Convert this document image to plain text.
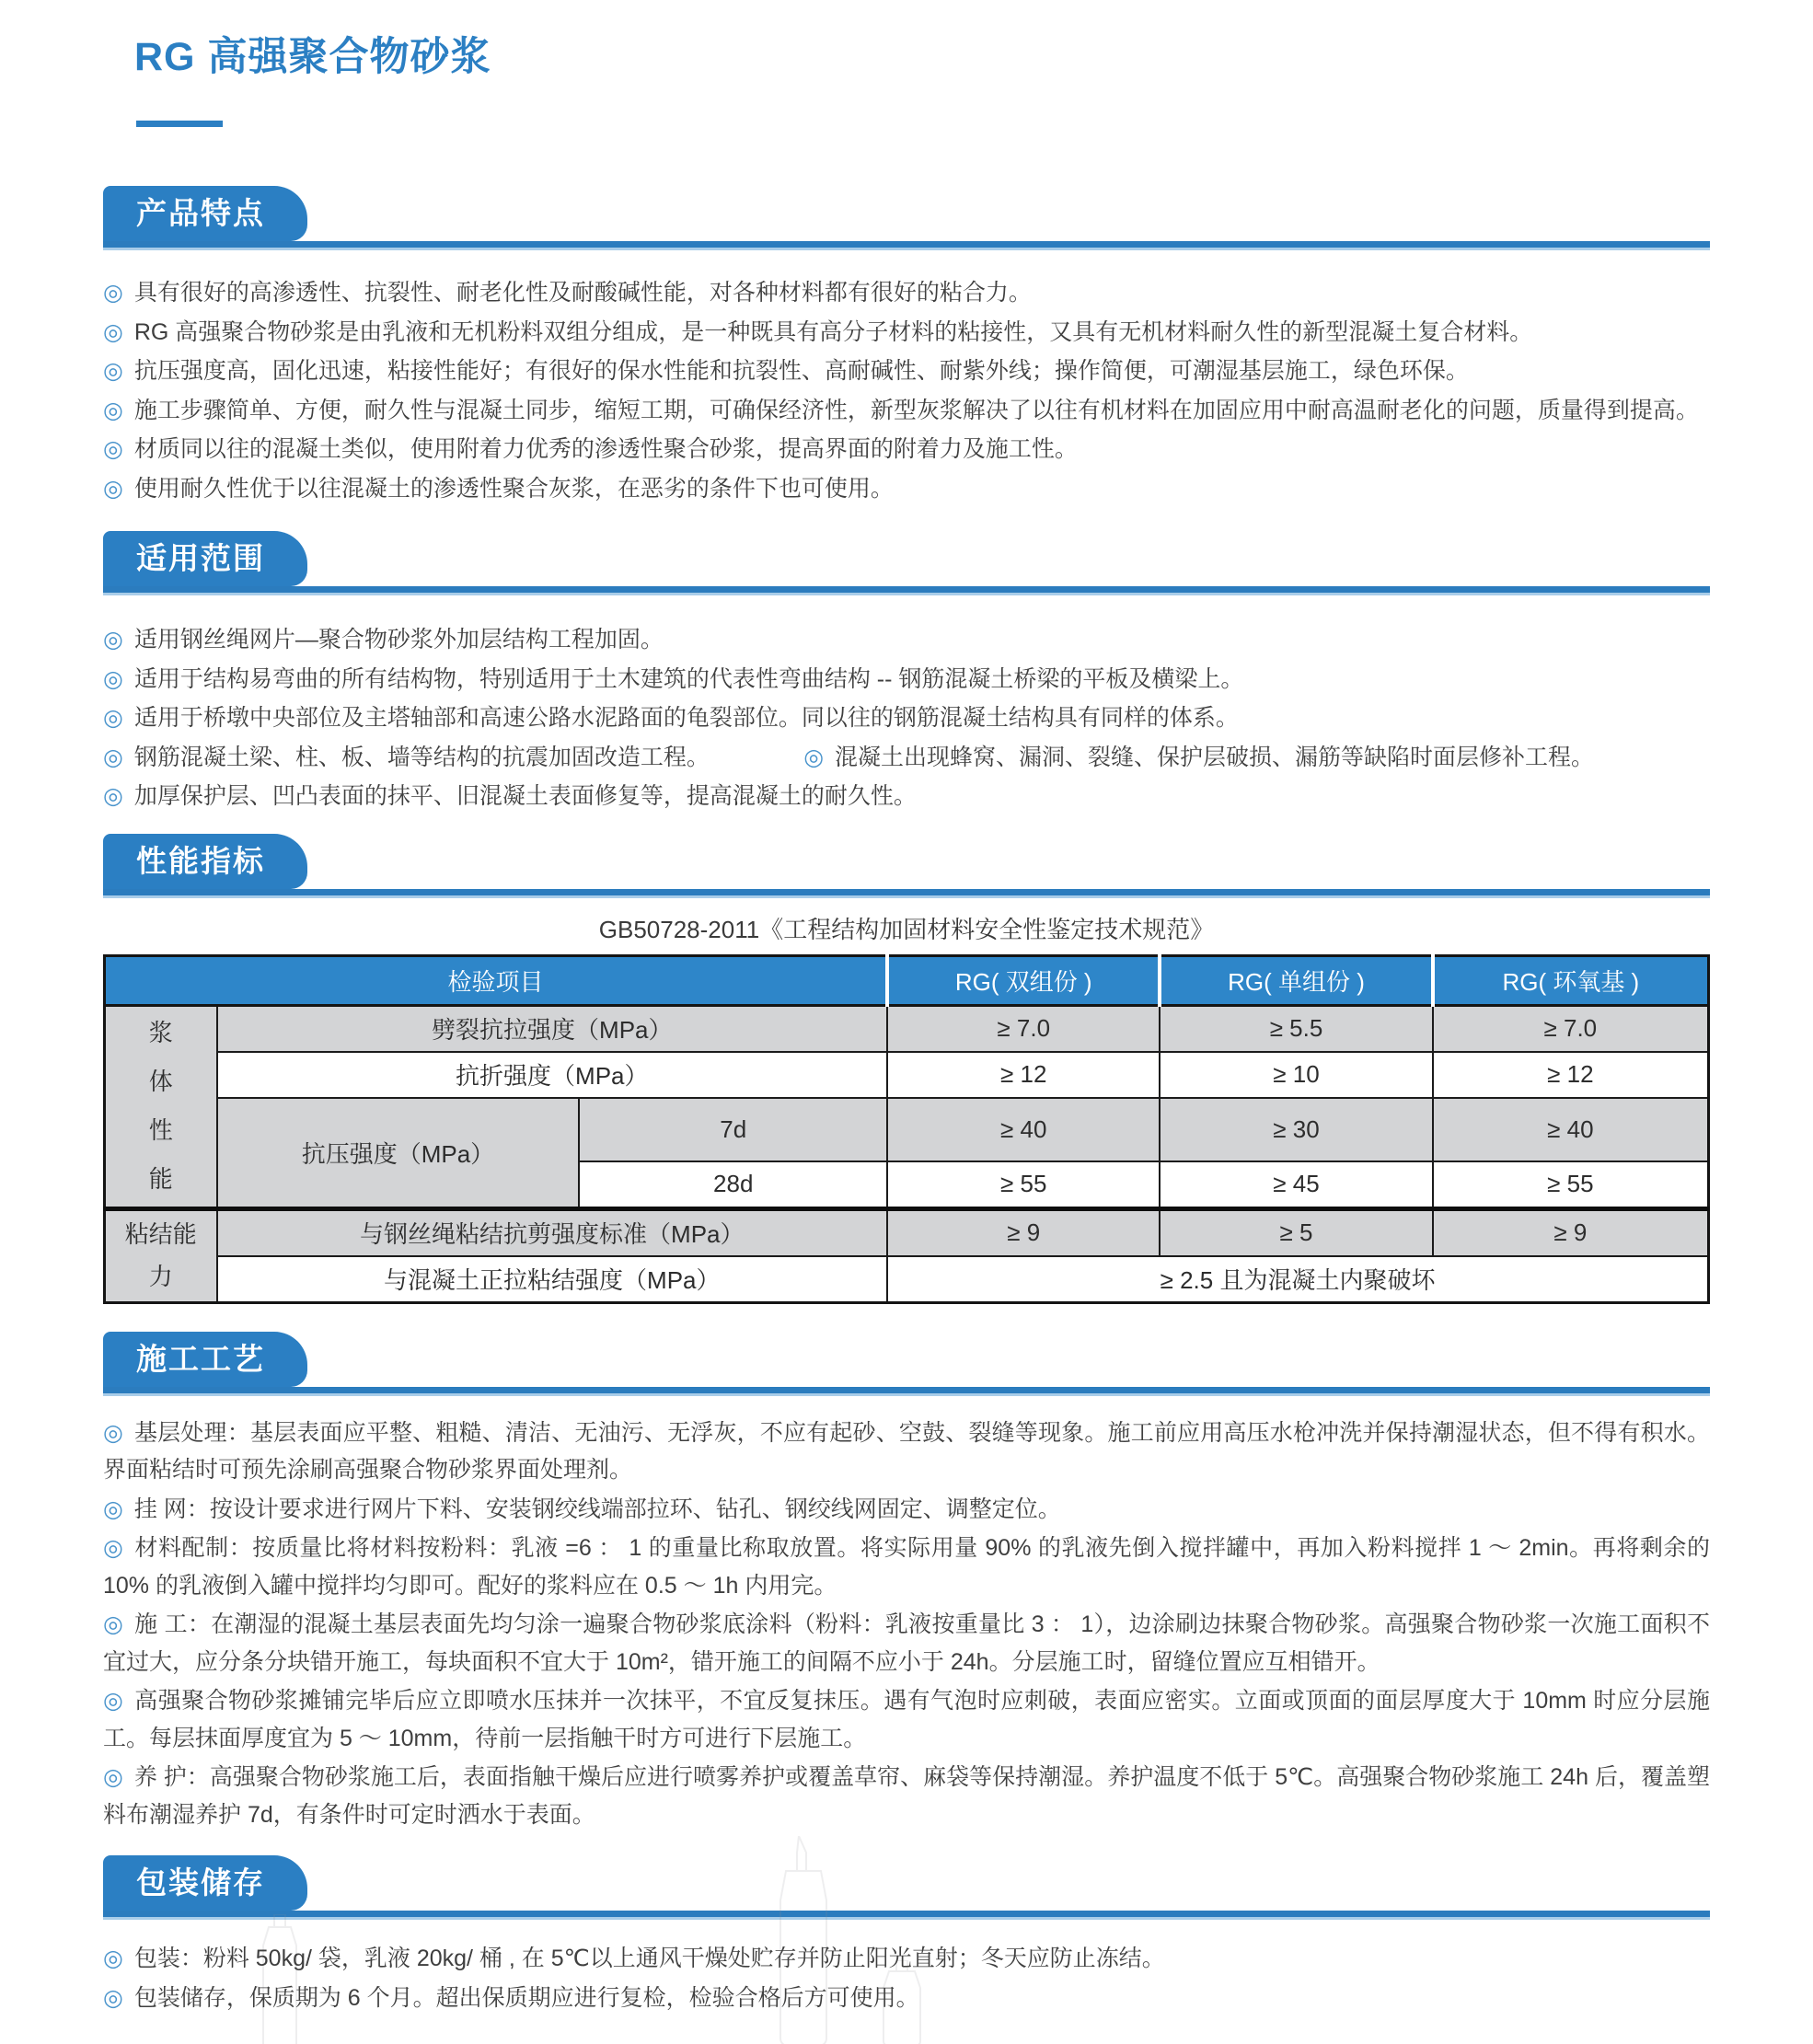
RG 高强聚合物砂浆
产品特点

◎ 具有很好的高渗透性、抗裂性、耐老化性及耐酸碱性能，对各种材料都有很好的粘合力。

◎ RG 高强聚合物砂浆是由乳液和无机粉料双组分组成，是一种既具有高分子材料的粘接性，又具有无机材料耐久性的新型混凝土复合材料。

◎ 抗压强度高，固化迅速，粘接性能好；有很好的保水性能和抗裂性、高耐碱性、耐紫外线；操作简便，可潮湿基层施工，绿色环保。

◎ 施工步骤简单、方便，耐久性与混凝土同步，缩短工期，可确保经济性，新型灰浆解决了以往有机材料在加固应用中耐高温耐老化的问题，质量得到提高。

◎ 材质同以往的混凝土类似，使用附着力优秀的渗透性聚合砂浆，提高界面的附着力及施工性。

◎ 使用耐久性优于以往混凝土的渗透性聚合灰浆，在恶劣的条件下也可使用。

适用范围

◎ 适用钢丝绳网片—聚合物砂浆外加层结构工程加固。

◎ 适用于结构易弯曲的所有结构物，特别适用于土木建筑的代表性弯曲结构 -- 钢筋混凝土桥梁的平板及横梁上。

◎ 适用于桥墩中央部位及主塔轴部和高速公路水泥路面的龟裂部位。同以往的钢筋混凝土结构具有同样的体系。

◎ 钢筋混凝土梁、柱、板、墙等结构的抗震加固改造工程。	◎ 混凝土出现蜂窝、漏洞、裂缝、保护层破损、漏筋等缺陷时面层修补工程。

◎ 加厚保护层、凹凸表面的抹平、旧混凝土表面修复等，提高混凝土的耐久性。

性能指标

GB50728-2011《工程结构加固材料安全性鉴定技术规范》

检验项目			RG( 双组份 )	RG( 单组份 )	RG( 环氧基 )

浆体性能	劈裂抗拉强度（MPa）		≥ 7.0	≥ 5.5	≥ 7.0
	抗折强度（MPa）		≥ 12	≥ 10	≥ 12
	抗压强度（MPa）	7d	≥ 40	≥ 30	≥ 40
		28d	≥ 55	≥ 45	≥ 55

粘结能力	与钢丝绳粘结抗剪强度标准（MPa）		≥ 9	≥ 5	≥ 9
	与混凝土正拉粘结强度（MPa）		≥ 2.5 且为混凝土内聚破坏		
施工工艺

◎ 基层处理：基层表面应平整、粗糙、清洁、无油污、无浮灰，不应有起砂、空鼓、裂缝等现象。施工前应用高压水枪冲洗并保持潮湿状态，但不得有积水。界面粘结时可预先涂刷高强聚合物砂浆界面处理剂。

◎ 挂 网：按设计要求进行网片下料、安装钢绞线端部拉环、钻孔、钢绞线网固定、调整定位。

◎ 材料配制：按质量比将材料按粉料：乳液 =6 ： 1 的重量比称取放置。将实际用量 90% 的乳液先倒入搅拌罐中，再加入粉料搅拌 1 ～ 2min。再将剩余的 10% 的乳液倒入罐中搅拌均匀即可。配好的浆料应在 0.5 ～ 1h 内用完。

◎ 施 工：在潮湿的混凝土基层表面先均匀涂一遍聚合物砂浆底涂料（粉料：乳液按重量比 3 ： 1），边涂刷边抹聚合物砂浆。高强聚合物砂浆一次施工面积不宜过大，应分条分块错开施工，每块面积不宜大于 10m²，错开施工的间隔不应小于 24h。分层施工时，留缝位置应互相错开。

◎ 高强聚合物砂浆摊铺完毕后应立即喷水压抹并一次抹平，不宜反复抹压。遇有气泡时应刺破，表面应密实。立面或顶面的面层厚度大于 10mm 时应分层施工。每层抹面厚度宜为 5 ～ 10mm，待前一层指触干时方可进行下层施工。

◎ 养 护：高强聚合物砂浆施工后，表面指触干燥后应进行喷雾养护或覆盖草帘、麻袋等保持潮湿。养护温度不低于 5℃。高强聚合物砂浆施工 24h 后，覆盖塑料布潮湿养护 7d，有条件时可定时洒水于表面。

包装储存

◎ 包装：粉料 50kg/ 袋，乳液 20kg/ 桶 , 在 5℃以上通风干燥处贮存并防止阳光直射；冬天应防止冻结。

◎ 包装储存，保质期为 6 个月。超出保质期应进行复检，检验合格后方可使用。
